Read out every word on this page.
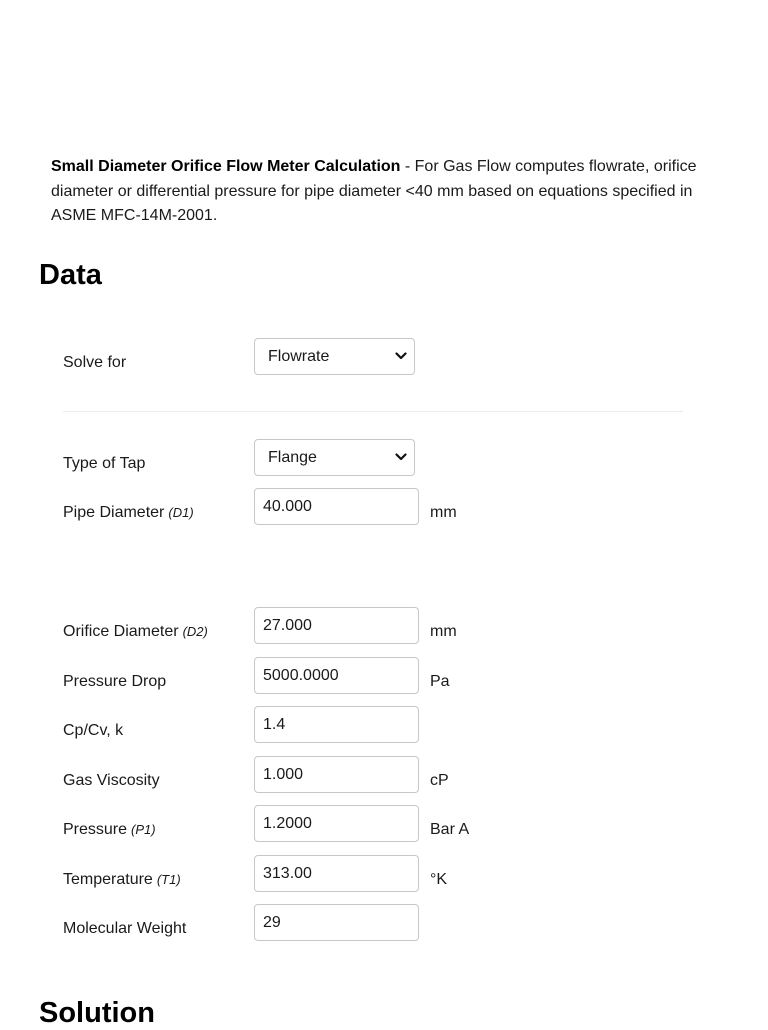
Small Diameter Orifice Flow Meter Calculation - For Gas Flow computes flowrate, orifice diameter or differential pressure for pipe diameter <40 mm based on equations specified in ASME MFC-14M-2001.

Data
Solve for	Flowrate
Type of Tap	Flange
Pipe Diameter (D1)	40.000	mm
Orifice Diameter (D2)	27.000	mm
Pressure Drop	5000.0000	Pa
Cp/Cv, k	1.4
Gas Viscosity	1.000	cP
Pressure (P1)	1.2000	Bar A
Temperature (T1)	313.00	°K
Molecular Weight	29
Solution
